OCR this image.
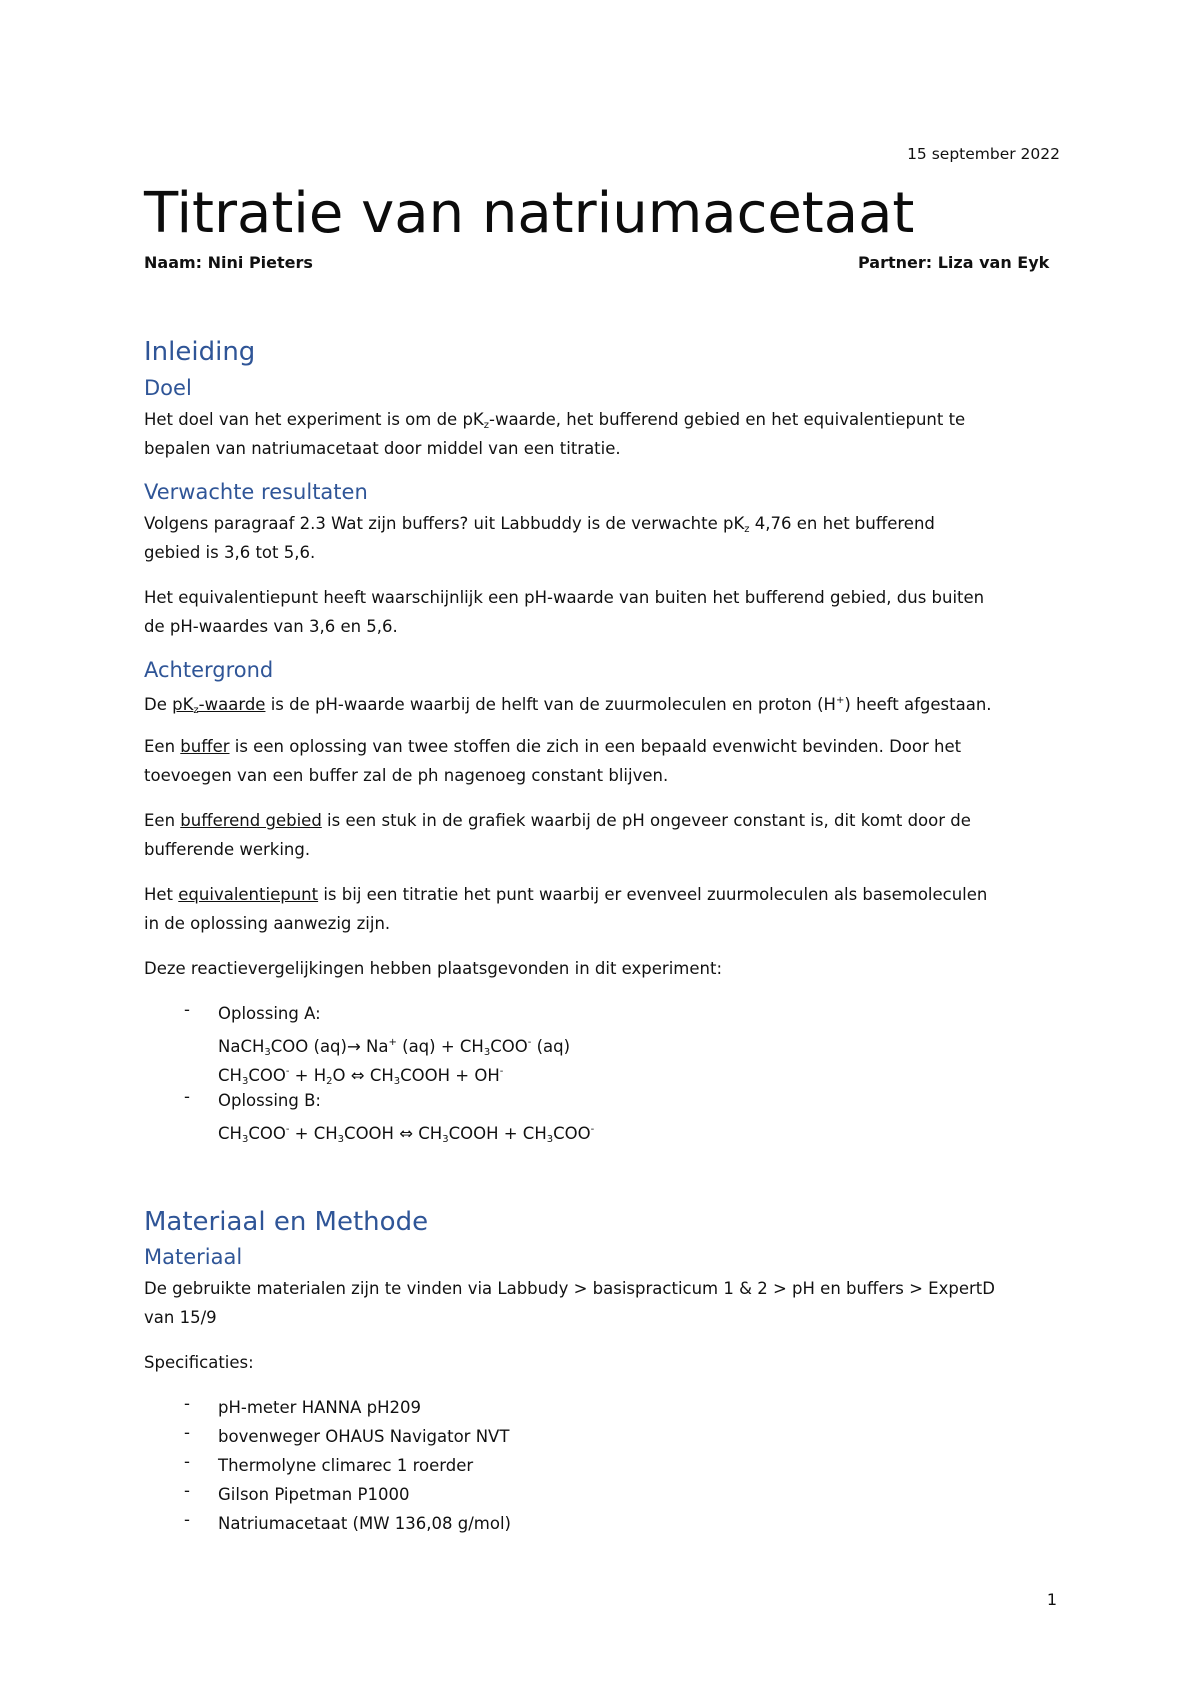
15 september 2022
Titratie van natriumacetaat
Naam: Nini Pieters	Partner: Liza van Eyk
Inleiding
Doel
Het doel van het experiment is om de $pK_z$-waarde, het bufferend gebied en het equivalentiepunt te
bepalen van natriumacetaat door middel van een titratie.
Verwachte resultaten
Volgens paragraaf 2.3 Wat zijn buffers? uit Labbuddy is de verwachte $pK_z$ 4,76 en het bufferend
gebied is 3,6 tot 5,6.
Het equivalentiepunt heeft waarschijnlijk een pH-waarde van buiten het bufferend gebied, dus buiten
de pH-waardes van 3,6 en 5,6.
Achtergrond
De $pK_z$-waarde is de pH-waarde waarbij de helft van de zuurmoleculen en proton (H+) heeft afgestaan.
Een buffer is een oplossing van twee stoffen die zich in een bepaald evenwicht bevinden. Door het
toevoegen van een buffer zal de ph nagenoeg constant blijven.
Een bufferend gebied is een stuk in de grafiek waarbij de pH ongeveer constant is, dit komt door de
bufferende werking.
Het equivalentiepunt is bij een titratie het punt waarbij er evenveel zuurmoleculen als basemoleculen
in de oplossing aanwezig zijn.
Deze reactievergelijkingen hebben plaatsgevonden in dit experiment:
- Oplossing A:
NaCH$_3$COO (aq)→ Na+ $(aq) + CH_3COO^-$ (aq)
$CH_3COO^- + H_2O$ ⇔ $CH_3COOH + OH^-$
- Oplossing B:
$CH_3COO^-$ + $CH_3COOH$ ⇔ $CH_3COOH + CH_3COO^-$
Materiaal en Methode
Materiaal
De gebruikte materialen zijn te vinden via Labbudy > basispracticum 1 & 2 > pH en buffers > ExpertD
van 15/9
Specificaties:
- pH-meter HANNA pH209
- bovenweger OHAUS Navigator NVT
- Thermolyne climarec 1 roerder
- Gilson Pipetman P1000
- Natriumacetaat (MW 136,08 g/mol)
1
